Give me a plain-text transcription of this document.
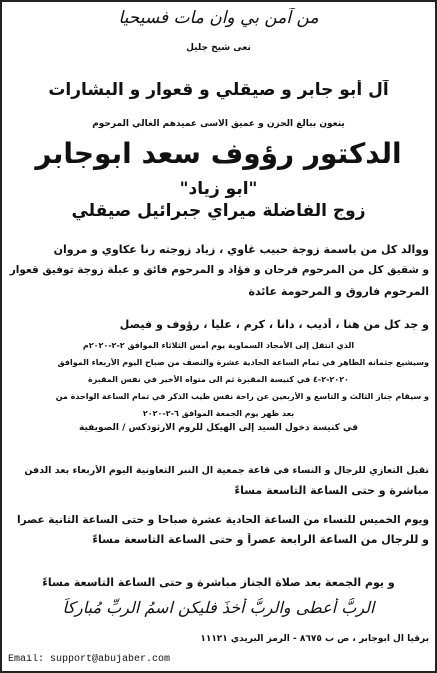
من آمن بي وان مات فسيحيا
نعى شيخ جليل
آل أبو جابر و صيقلي و قعوار و البشارات
ينعون ببالغ الحزن و عميق الأسى عميدهم الغالي المرحوم
الدكتور رؤوف سعد ابوجابر
"ابو زياد"
زوج الفاضلة ميراي جبرائيل صيقلي
ووالد كل من باسمة زوجة حبيب غاوي ، زياد زوجته رنا عكاوي و مروان
و شقيق كل من المرحوم فرحان و فؤاد و المرحوم فائق و عبلة زوجة توفيق قعوار
المرحوم فاروق و المرحومة عائدة
و جد كل من هنا ، أديب ، دانا ، كرم ، عليا ، رؤوف و فيصل
الذي انتقل إلى الأمجاد السماوية يوم أمس الثلاثاء الموافق ٢-٢-٢٠٢٠م
وسيشيع جثمانه الطاهر في تمام الساعة الحادية عشرة والنصف من صباح اليوم الأربعاء الموافق
٢٠٢٠-٢-٤ في كنيسة المقبرة ثم الى متواه الأخير في نفس المقبرة
و سيقام جناز الثالث و التاسع و الأربعين عن راحة نفس طيب الذكر في تمام الساعة الواحدة من
بعد ظهر يوم الجمعة الموافق ٦-٢-٢٠٢٠
في كنيسة دخول السيد إلى الهيكل للروم الأرثوذكس / الصويفية
تقبل التعازي للرجال و النساء في قاعة جمعية آل النبر التعاونية اليوم الأربعاء بعد الدفن
مباشرة و حتى الساعة التاسعة مساءً
ويوم الخميس للنساء من الساعة الحادية عشرة صباحاً و حتى الساعة الثانية عصراً
و للرجال من الساعة الرابعة عصراً و حتى الساعة التاسعة مساءً
و يوم الجمعة بعد صلاة الجناز مباشرة و حتى الساعة التاسعة مساءً
الربُّ أعطى والربُّ أخذَ فليكن اسمُ الربِّ مُباركاً
برقيا آل ابوجابر ، ص ب ٨٦٧٥ - الرمز البريدي ١١١٢١
Email: support@abujaber.com
